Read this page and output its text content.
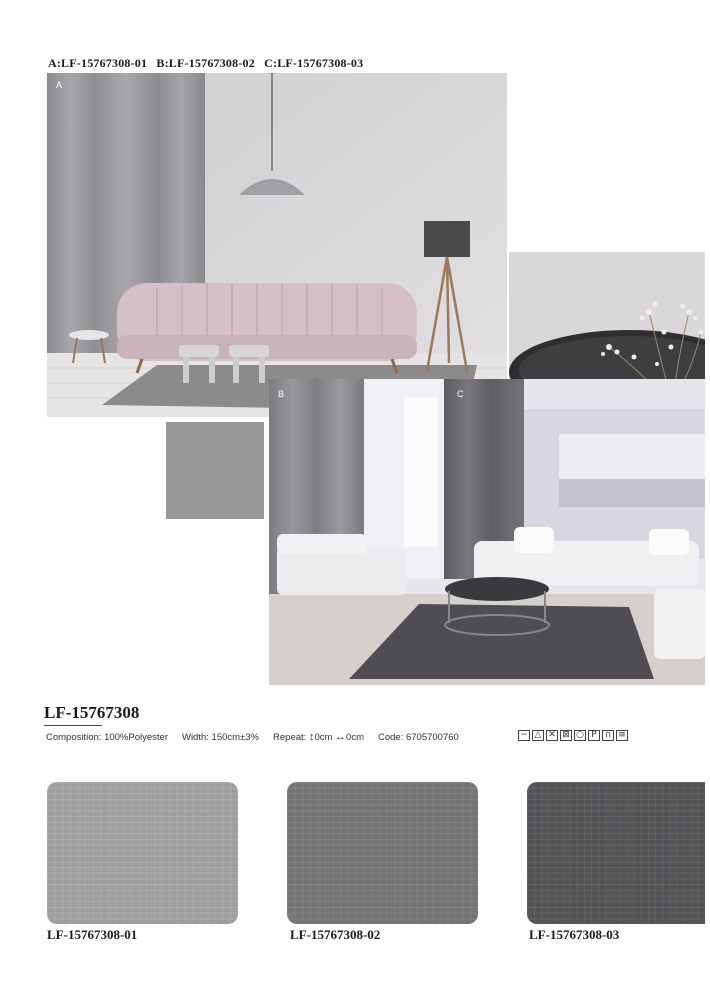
A:LF-15767308-01 B:LF-15767308-02 C:LF-15767308-03
A
B	C
LF-15767308
Composition: 100%Polyester Width: 150cm±3% Repeat: ↕0cm ↔0cm Code: 6705700760	~ △ ✕ ⊠ ○ P ∩ ≡
LF-15767308-01	LF-15767308-02	LF-15767308-03
